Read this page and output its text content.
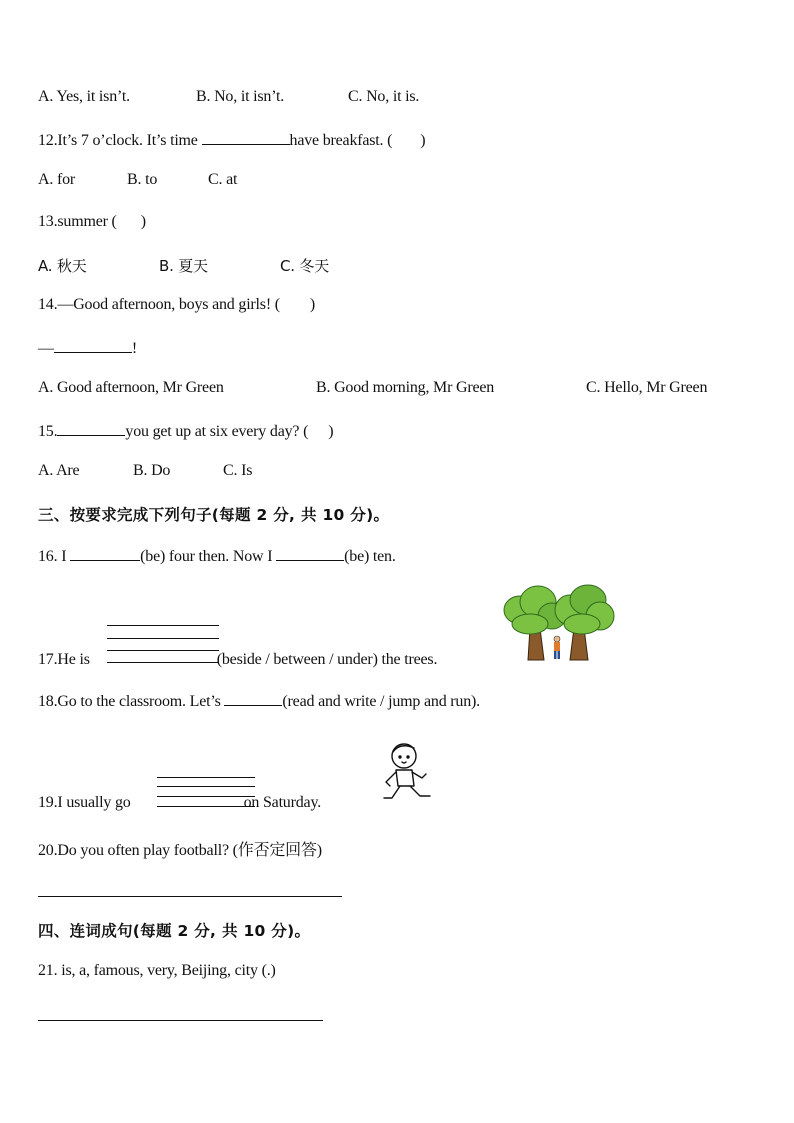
A. Yes, it isn’t.	B. No, it isn’t.	C. No, it is.
12.It’s 7 o’clock. It’s time	have breakfast. ( )
A. for	B. to	C. at
13.summer ( )
A. 秋天	B. 夏天	C. 冬天
14.—Good afternoon, boys and girls! ( )
—	!
A. Good afternoon, Mr Green	B. Good morning, Mr Green	C. Hello, Mr Green
15.	you get up at six every day? ( )
A. Are	B. Do	C. Is
三、按要求完成下列句子(每题 2 分, 共 10 分)。
16. I	(be) four then. Now I	(be) ten.
17.He is	(beside / between / under) the trees.
18.Go to the classroom. Let’s	(read and write / jump and run).
19.I usually go	on Saturday.
20.Do you often play football? (作否定回答)
四、连词成句(每题 2 分, 共 10 分)。
21. is, a, famous, very, Beijing, city (.)
